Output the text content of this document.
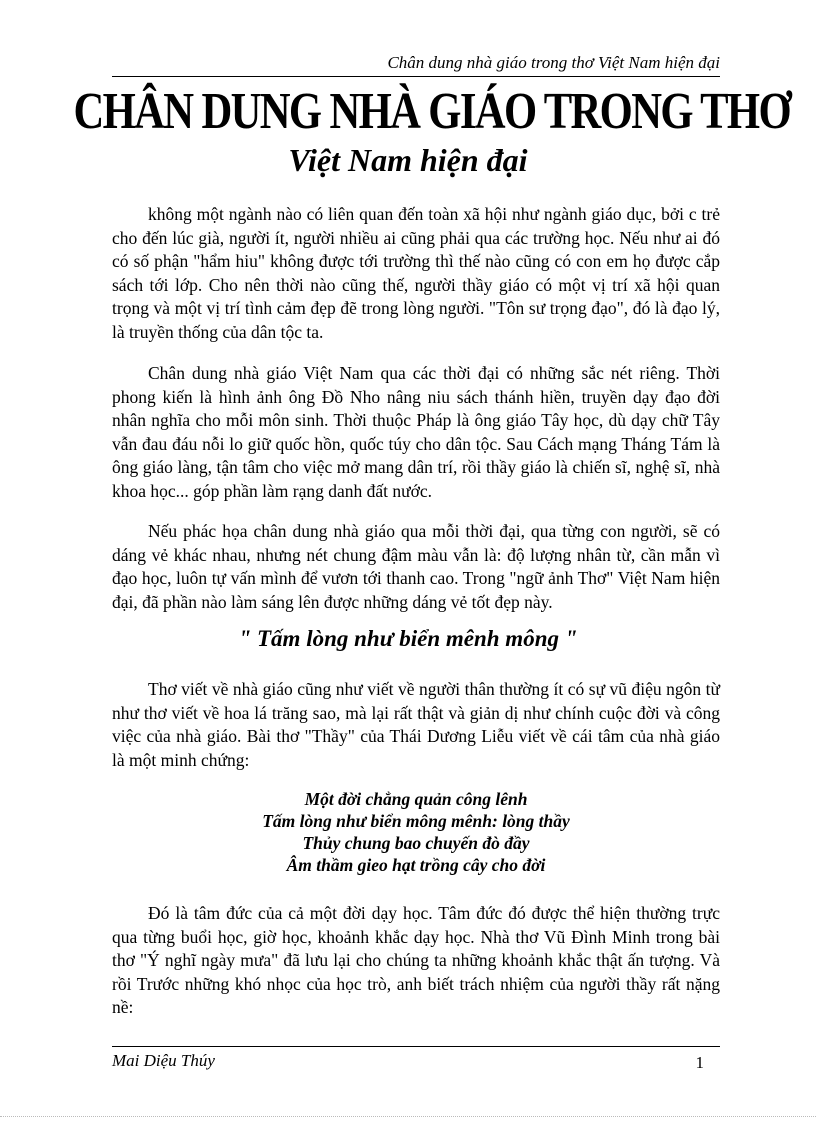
Chân dung nhà giáo trong thơ Việt Nam hiện đại
CHÂN DUNG NHÀ GIÁO TRONG THƠ
Việt Nam hiện đại

không một ngành nào có liên quan đến toàn xã hội như ngành giáo dục, bởi c trẻ cho đến lúc già, người ít, người nhiều ai cũng phải qua các trường học. Nếu như ai đó có số phận "hẩm hiu" không được tới trường thì thế nào cũng có con em họ được cắp sách tới lớp. Cho nên thời nào cũng thế, người thầy giáo có một vị trí xã hội quan trọng và một vị trí tình cảm đẹp đẽ trong lòng người. "Tôn sư trọng đạo", đó là đạo lý, là truyền thống của dân tộc ta.

Chân dung nhà giáo Việt Nam qua các thời đại có những sắc nét riêng. Thời phong kiến là hình ảnh ông Đồ Nho nâng niu sách thánh hiền, truyền dạy đạo đời nhân nghĩa cho mỗi môn sinh. Thời thuộc Pháp là ông giáo Tây học, dù dạy chữ Tây vẫn đau đáu nỗi lo giữ quốc hồn, quốc túy cho dân tộc. Sau Cách mạng Tháng Tám là ông giáo làng, tận tâm cho việc mở mang dân trí, rồi thầy giáo là chiến sĩ, nghệ sĩ, nhà khoa học... góp phần làm rạng danh đất nước.

Nếu phác họa chân dung nhà giáo qua mỗi thời đại, qua từng con người, sẽ có dáng vẻ khác nhau, nhưng nét chung đậm màu vẫn là: độ lượng nhân từ, cần mẫn vì đạo học, luôn tự vấn mình để vươn tới thanh cao. Trong "ngữ ảnh Thơ" Việt Nam hiện đại, đã phần nào làm sáng lên được những dáng vẻ tốt đẹp này.

" Tấm lòng như biển mênh mông "

Thơ viết về nhà giáo cũng như viết về người thân thường ít có sự vũ điệu ngôn từ như thơ viết về hoa lá trăng sao, mà lại rất thật và giản dị như chính cuộc đời và công việc của nhà giáo. Bài thơ "Thầy" của Thái Dương Liễu viết về cái tâm của nhà giáo là một minh chứng:

Một đời chẳng quản công lênh
Tấm lòng như biển mông mênh: lòng thầy
Thủy chung bao chuyến đò đầy
Âm thầm gieo hạt trồng cây cho đời

Đó là tâm đức của cả một đời dạy học. Tâm đức đó được thể hiện thường trực qua từng buổi học, giờ học, khoảnh khắc dạy học. Nhà thơ Vũ Đình Minh trong bài thơ "Ý nghĩ ngày mưa" đã lưu lại cho chúng ta những khoảnh khắc thật ấn tượng. Và rồi Trước những khó nhọc của học trò, anh biết trách nhiệm của người thầy rất nặng nề:

Mai Diệu Thúy	1
